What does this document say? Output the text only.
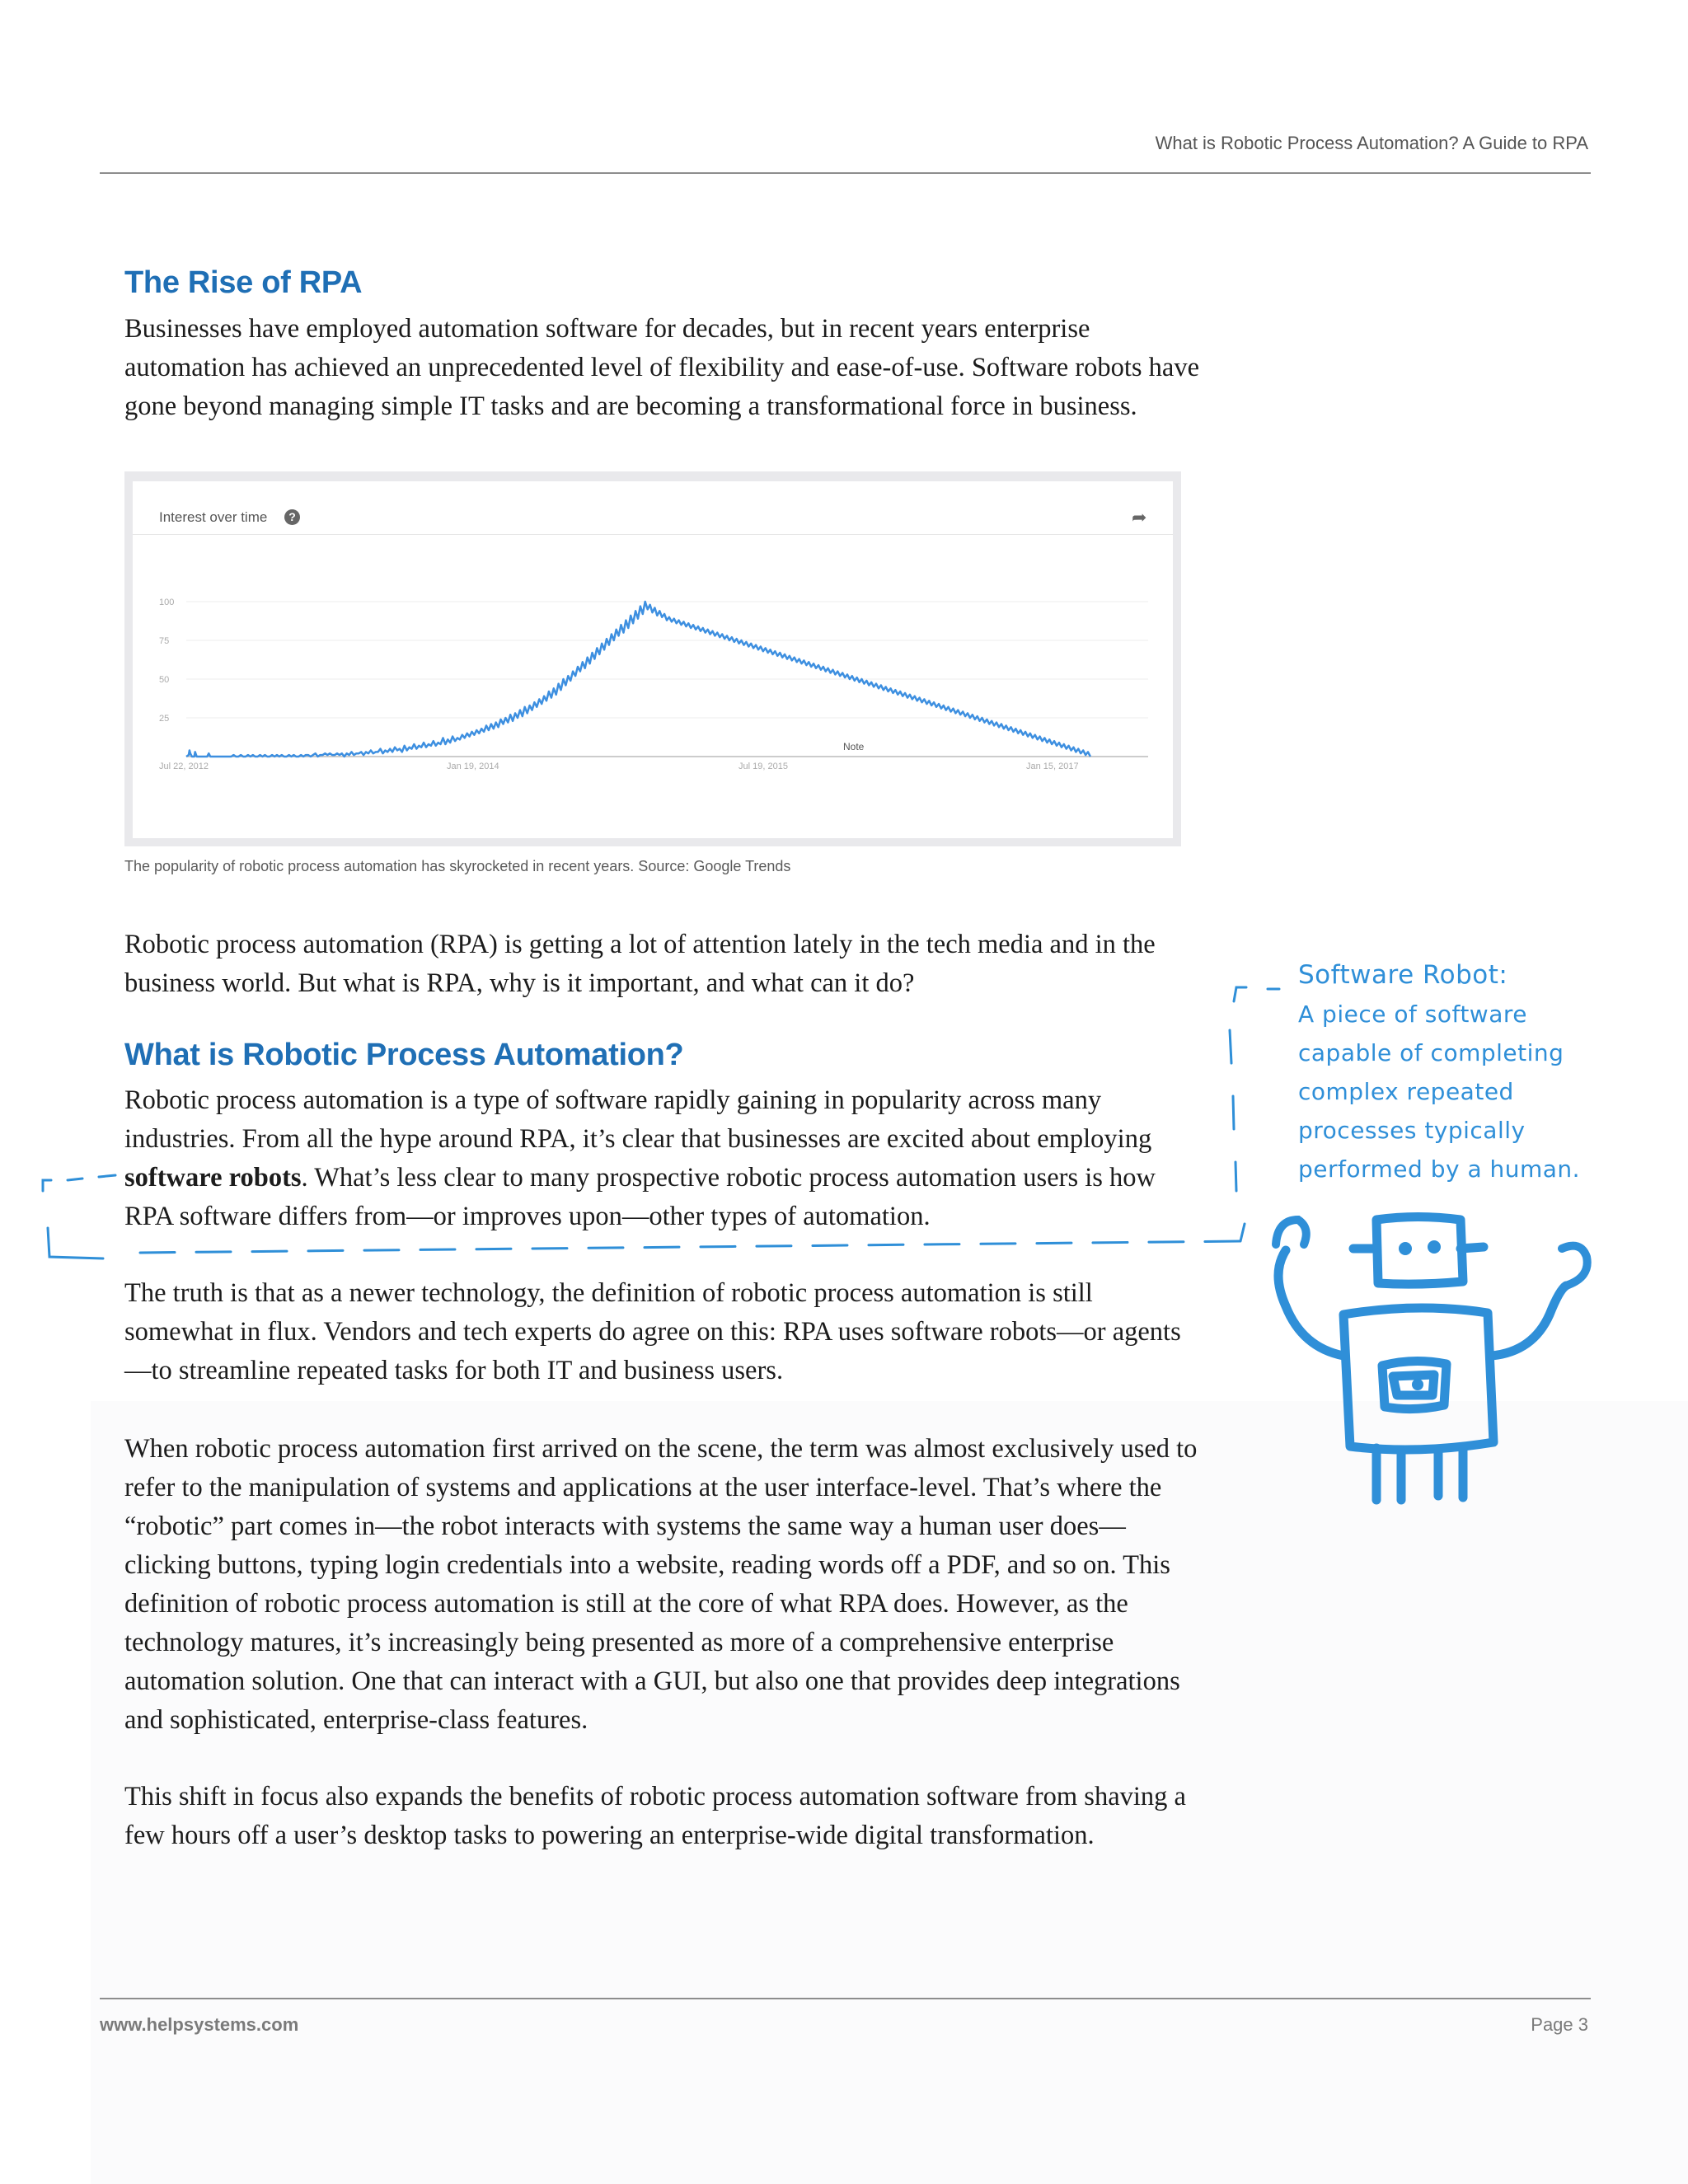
What is Robotic Process Automation? A Guide to RPA
The Rise of RPA

Businesses have employed automation software for decades, but in recent years enterprise automation has achieved an unprecedented level of flexibility and ease-of-use. Software robots have gone beyond managing simple IT tasks and are becoming a transformational force in business.

Interest over time	?	➦
100
75
50
25
Jul 22, 2012	Jan 19, 2014	Jul 19, 2015	Jan 15, 2017
Note
The popularity of robotic process automation has skyrocketed in recent years. Source: Google Trends

Robotic process automation (RPA) is getting a lot of attention lately in the tech media and in the business world. But what is RPA, why is it important, and what can it do?

What is Robotic Process Automation?

Robotic process automation is a type of software rapidly gaining in popularity across many industries. From all the hype around RPA, it’s clear that businesses are excited about employing software robots. What’s less clear to many prospective robotic process automation users is how RPA software differs from—or improves upon—other types of automation.

The truth is that as a newer technology, the definition of robotic process automation is still somewhat in flux. Vendors and tech experts do agree on this: RPA uses software robots—or agents—to streamline repeated tasks for both IT and business users.

When robotic process automation first arrived on the scene, the term was almost exclusively used to refer to the manipulation of systems and applications at the user interface-level. That’s where the “robotic” part comes in—the robot interacts with systems the same way a human user does—clicking buttons, typing login credentials into a website, reading words off a PDF, and so on. This definition of robotic process automation is still at the core of what RPA does. However, as the technology matures, it’s increasingly being presented as more of a comprehensive enterprise automation solution. One that can interact with a GUI, but also one that provides deep integrations and sophisticated, enterprise-class features.

This shift in focus also expands the benefits of robotic process automation software from shaving a few hours off a user’s desktop tasks to powering an enterprise-wide digital transformation.

Software Robot:
A piece of software capable of completing complex repeated processes typically performed by a human.
www.helpsystems.com	Page 3
